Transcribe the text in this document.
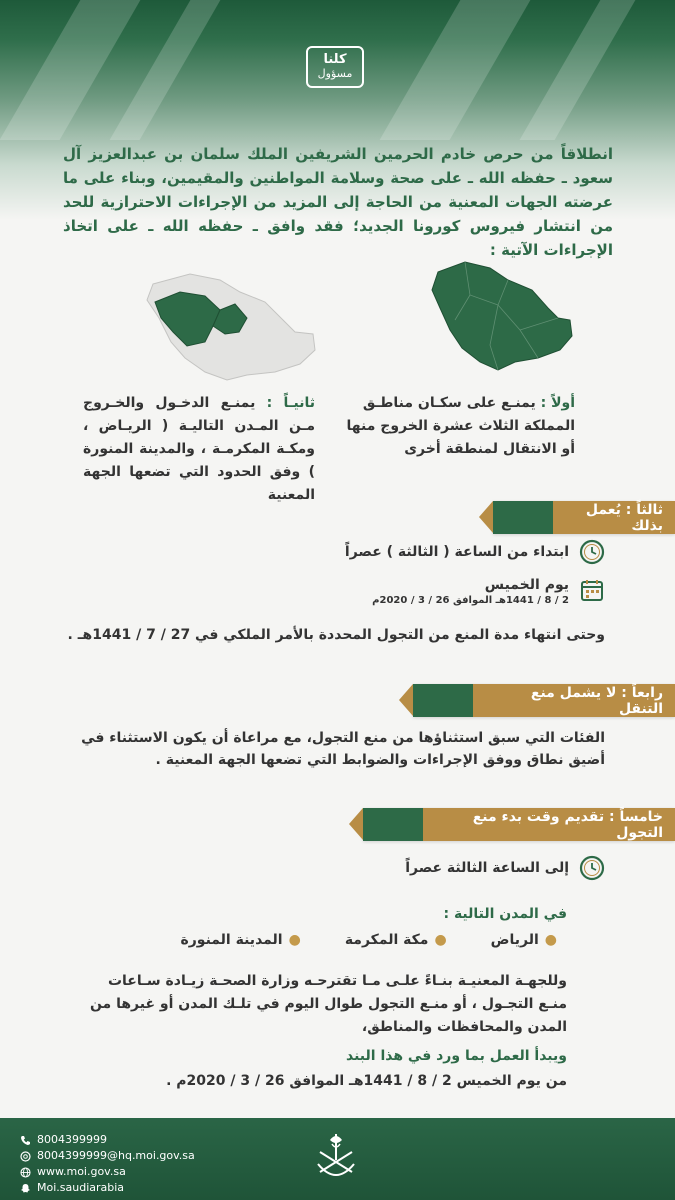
كلنا
مسؤول

انطلاقاً من حرص خادم الحرمين الشريفين الملك سلمان بن عبدالعزيز آل سعود ـ حفظه الله ـ على صحة وسلامة المواطنين والمقيمين، وبناء على ما عرضته الجهات المعنية من الحاجة إلى المزيد من الإجراءات الاحترازية للحد من انتشار فيروس كورونا الجديد؛ فقد وافق ـ حفظه الله ـ على اتخاذ الإجراءات الآتية :

أولاً : يمنـع على سكـان مناطـق المملكة الثلاث عشرة الخروج منها أو الانتقال لمنطقة أخرى
ثانيـاً : يمنـع الدخـول والخـروج مـن المـدن التاليـة ( الريـاض ، ومكـة المكرمـة ، والمدينة المنورة ) وفق الحدود التي تضعها الجهة المعنية
ثالثاً : يُعمل بذلك
ابتداء من الساعة ( الثالثة ) عصراً
يوم الخميس
2 / 8 / 1441هـ الموافق 26 / 3 / 2020م

وحتى انتهاء مدة المنع من التجول المحددة بالأمر الملكي في 27 / 7 / 1441هـ .

رابعاً : لا يشمل منع التنقل

الفئات التي سبق استثناؤها من منع التجول، مع مراعاة أن يكون الاستثناء في أضيق نطاق ووفق الإجراءات والضوابط التي تضعها الجهة المعنية .

خامساً : تقديم وقت بدء منع التجول
إلى الساعة الثالثة عصراً
في المدن التالية :
●الرياض
●مكة المكرمة
●المدينة المنورة

وللجهـة المعنيـة بنـاءً علـى مـا تقترحـه وزارة الصحـة زيـادة سـاعات منـع التجـول ، أو منـع التجول طوال اليوم في تلـك المدن أو غيرها من المدن والمحافظات والمناطق،

ويبدأ العمل بما ورد في هذا البند

من يوم الخميس 2 / 8 / 1441هـ الموافق 26 / 3 / 2020م .

8004399999
8004399999@hq.moi.gov.sa
www.moi.gov.sa
Moi.saudiarabia
